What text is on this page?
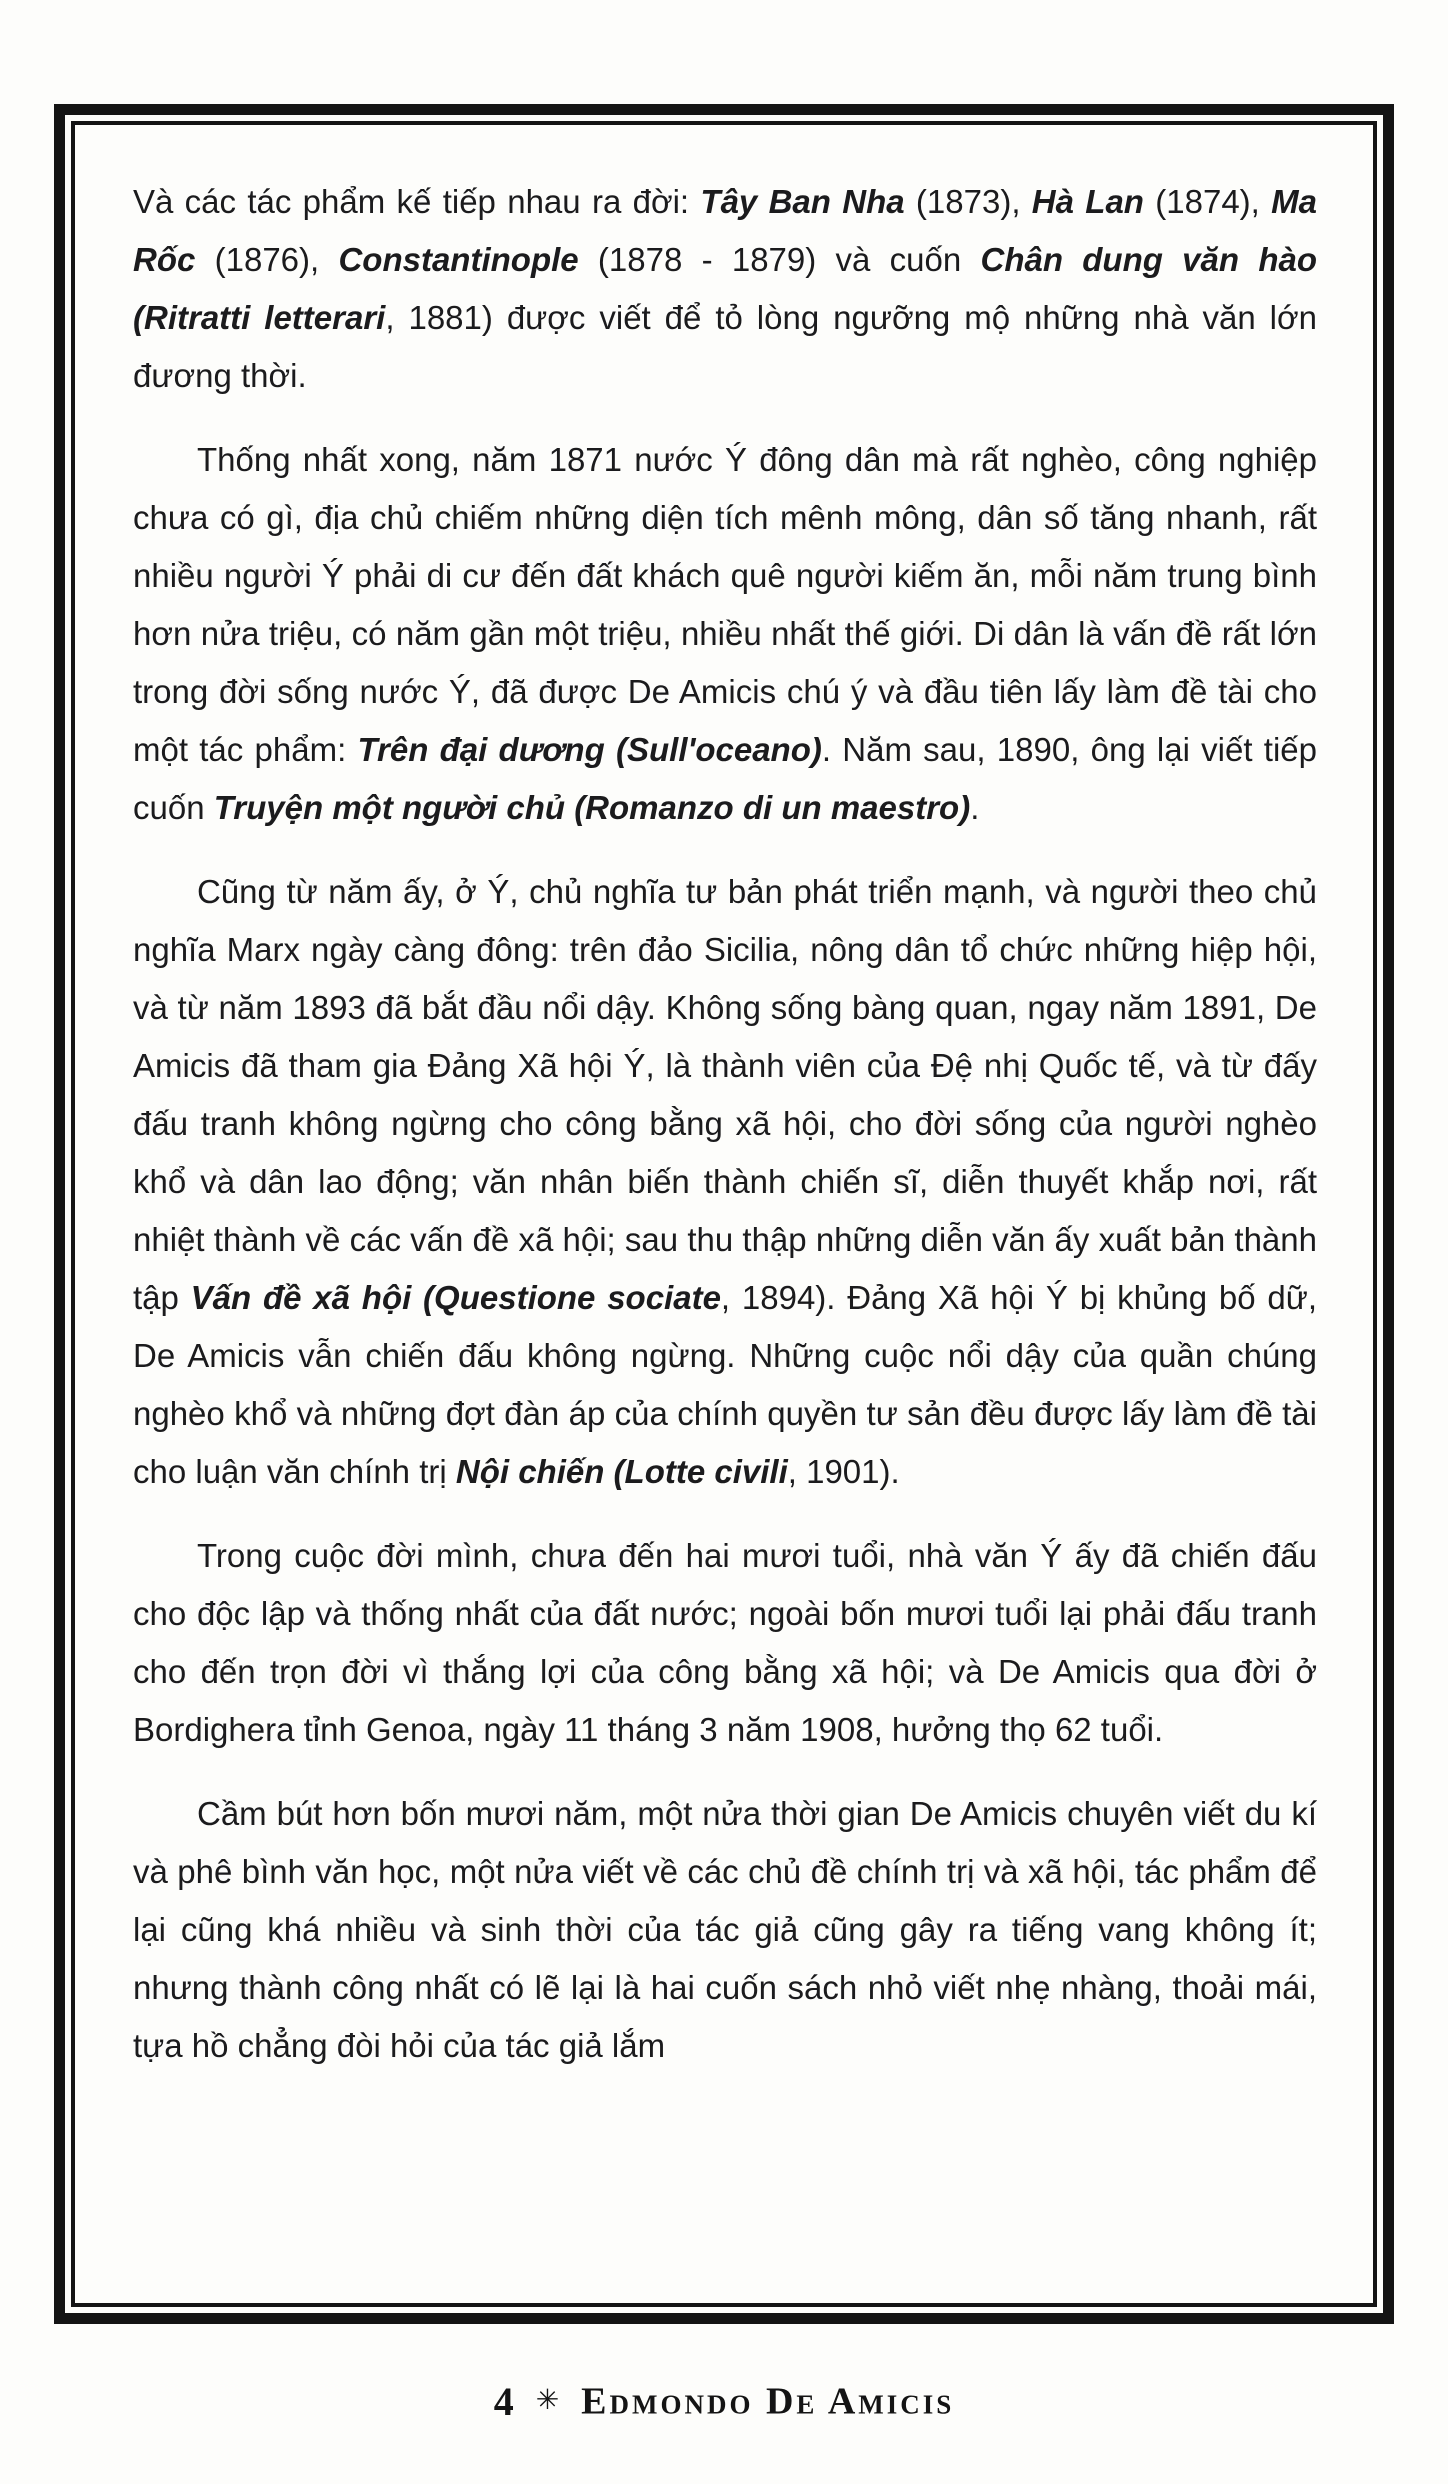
Và các tác phẩm kế tiếp nhau ra đời: Tây Ban Nha (1873), Hà Lan (1874), Ma Rốc (1876), Constantinople (1878 - 1879) và cuốn Chân dung văn hào (Ritratti letterari, 1881) được viết để tỏ lòng ngưỡng mộ những nhà văn lớn đương thời.

Thống nhất xong, năm 1871 nước Ý đông dân mà rất nghèo, công nghiệp chưa có gì, địa chủ chiếm những diện tích mênh mông, dân số tăng nhanh, rất nhiều người Ý phải di cư đến đất khách quê người kiếm ăn, mỗi năm trung bình hơn nửa triệu, có năm gần một triệu, nhiều nhất thế giới. Di dân là vấn đề rất lớn trong đời sống nước Ý, đã được De Amicis chú ý và đầu tiên lấy làm đề tài cho một tác phẩm: Trên đại dương (Sull'oceano). Năm sau, 1890, ông lại viết tiếp cuốn Truyện một người chủ (Romanzo di un maestro).

Cũng từ năm ấy, ở Ý, chủ nghĩa tư bản phát triển mạnh, và người theo chủ nghĩa Marx ngày càng đông: trên đảo Sicilia, nông dân tổ chức những hiệp hội, và từ năm 1893 đã bắt đầu nổi dậy. Không sống bàng quan, ngay năm 1891, De Amicis đã tham gia Đảng Xã hội Ý, là thành viên của Đệ nhị Quốc tế, và từ đấy đấu tranh không ngừng cho công bằng xã hội, cho đời sống của người nghèo khổ và dân lao động; văn nhân biến thành chiến sĩ, diễn thuyết khắp nơi, rất nhiệt thành về các vấn đề xã hội; sau thu thập những diễn văn ấy xuất bản thành tập Vấn đề xã hội (Questione sociate, 1894). Đảng Xã hội Ý bị khủng bố dữ, De Amicis vẫn chiến đấu không ngừng. Những cuộc nổi dậy của quần chúng nghèo khổ và những đợt đàn áp của chính quyền tư sản đều được lấy làm đề tài cho luận văn chính trị Nội chiến (Lotte civili, 1901).

Trong cuộc đời mình, chưa đến hai mươi tuổi, nhà văn Ý ấy đã chiến đấu cho độc lập và thống nhất của đất nước; ngoài bốn mươi tuổi lại phải đấu tranh cho đến trọn đời vì thắng lợi của công bằng xã hội; và De Amicis qua đời ở Bordighera tỉnh Genoa, ngày 11 tháng 3 năm 1908, hưởng thọ 62 tuổi.

Cầm bút hơn bốn mươi năm, một nửa thời gian De Amicis chuyên viết du kí và phê bình văn học, một nửa viết về các chủ đề chính trị và xã hội, tác phẩm để lại cũng khá nhiều và sinh thời của tác giả cũng gây ra tiếng vang không ít; nhưng thành công nhất có lẽ lại là hai cuốn sách nhỏ viết nhẹ nhàng, thoải mái, tựa hồ chẳng đòi hỏi của tác giả lắm

4 ✳ Edmondo De Amicis
